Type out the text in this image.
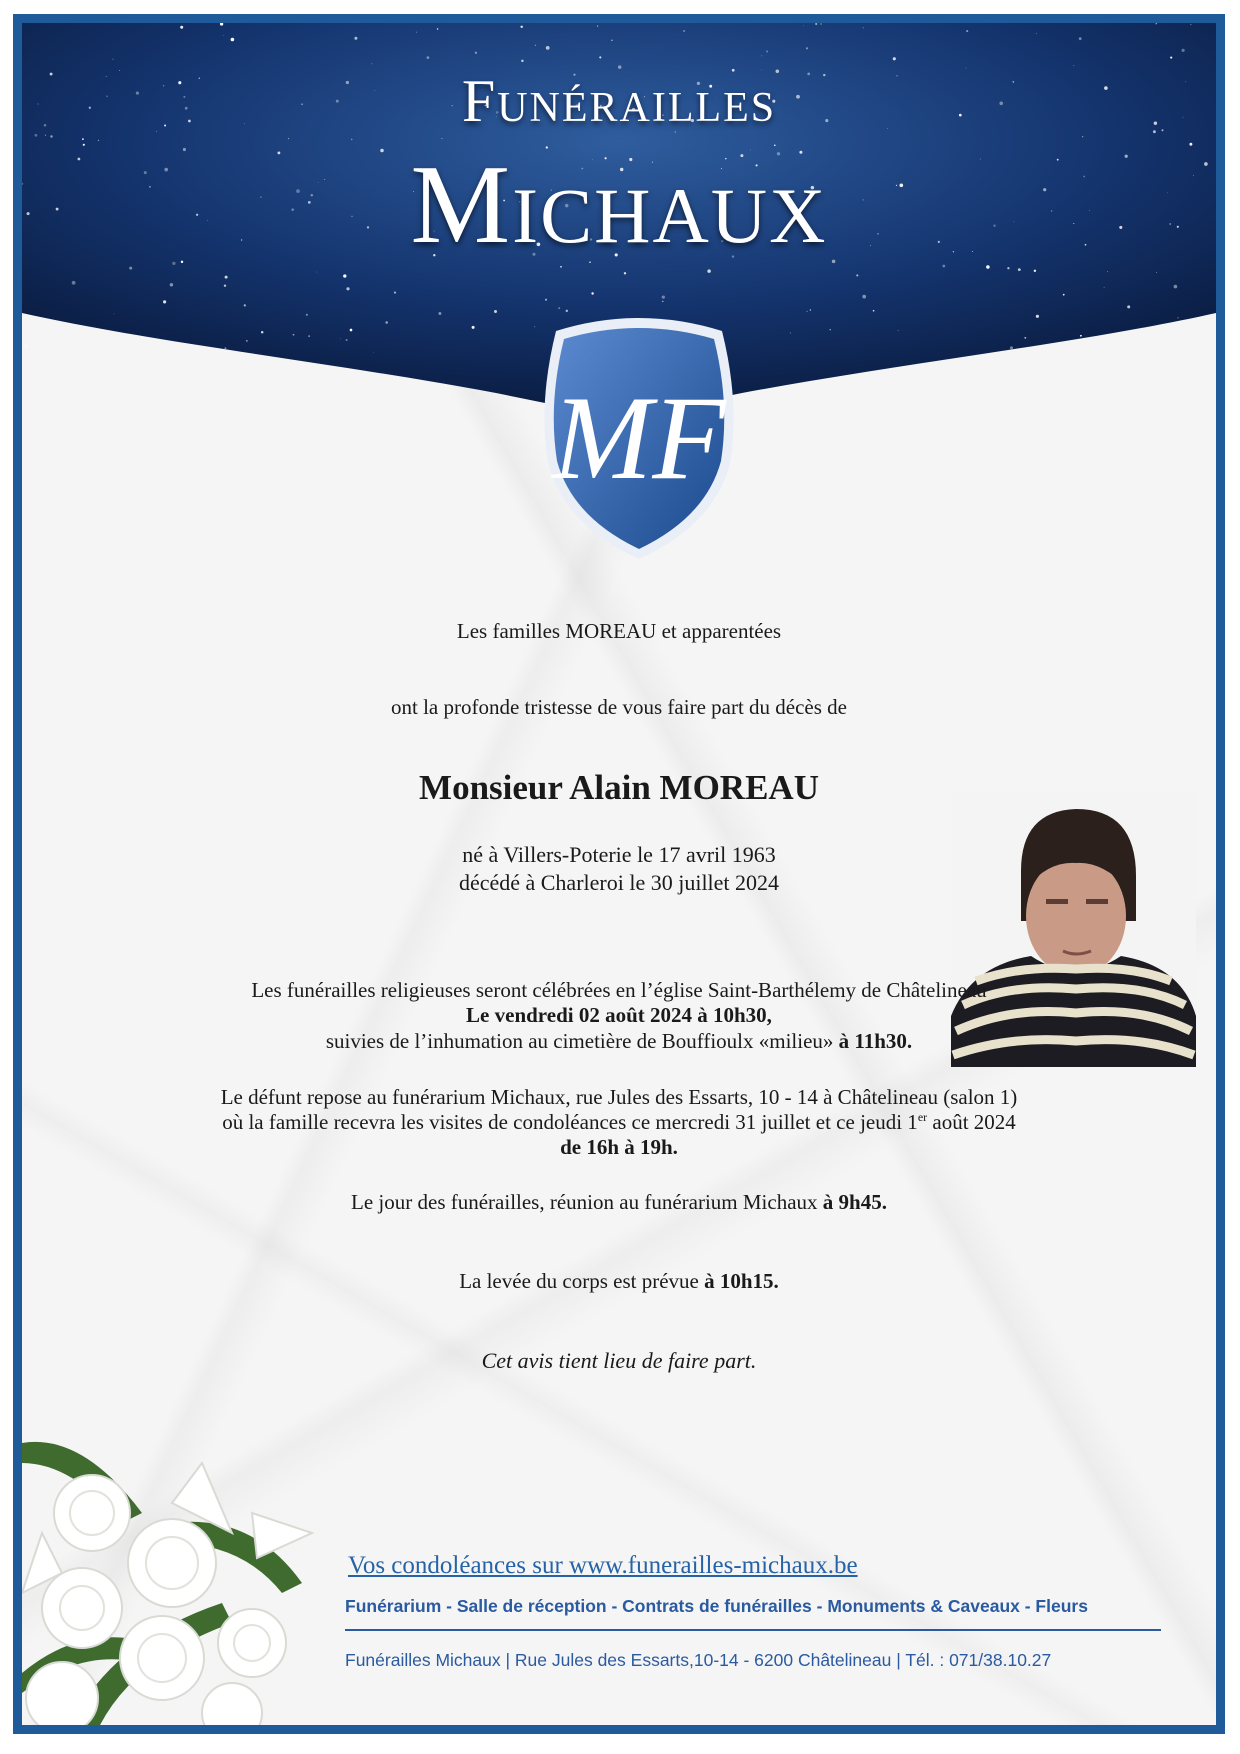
Funérailles
Michaux
MF
Les familles MOREAU et apparentées
ont la profonde tristesse de vous faire part du décès de
Monsieur Alain MOREAU
né à Villers-Poterie le 17 avril 1963
décédé à Charleroi le 30 juillet 2024
Les funérailles religieuses seront célébrées en l’église Saint-Barthélemy de Châtelineau
Le vendredi 02 août 2024 à 10h30,
suivies de l’inhumation au cimetière de Bouffioulx «milieu» à 11h30.
Le défunt repose au funérarium Michaux, rue Jules des Essarts, 10 - 14 à Châtelineau (salon 1)
où la famille recevra les visites de condoléances ce mercredi 31 juillet et ce jeudi 1er août 2024
de 16h à 19h.
Le jour des funérailles, réunion au funérarium Michaux à 9h45.
La levée du corps est prévue à 10h15.
Cet avis tient lieu de faire part.
Vos condoléances sur www.funerailles-michaux.be
Funérarium - Salle de réception - Contrats de funérailles - Monuments & Caveaux - Fleurs
Funérailles Michaux | Rue Jules des Essarts,10-14 - 6200 Châtelineau | Tél. : 071/38.10.27
